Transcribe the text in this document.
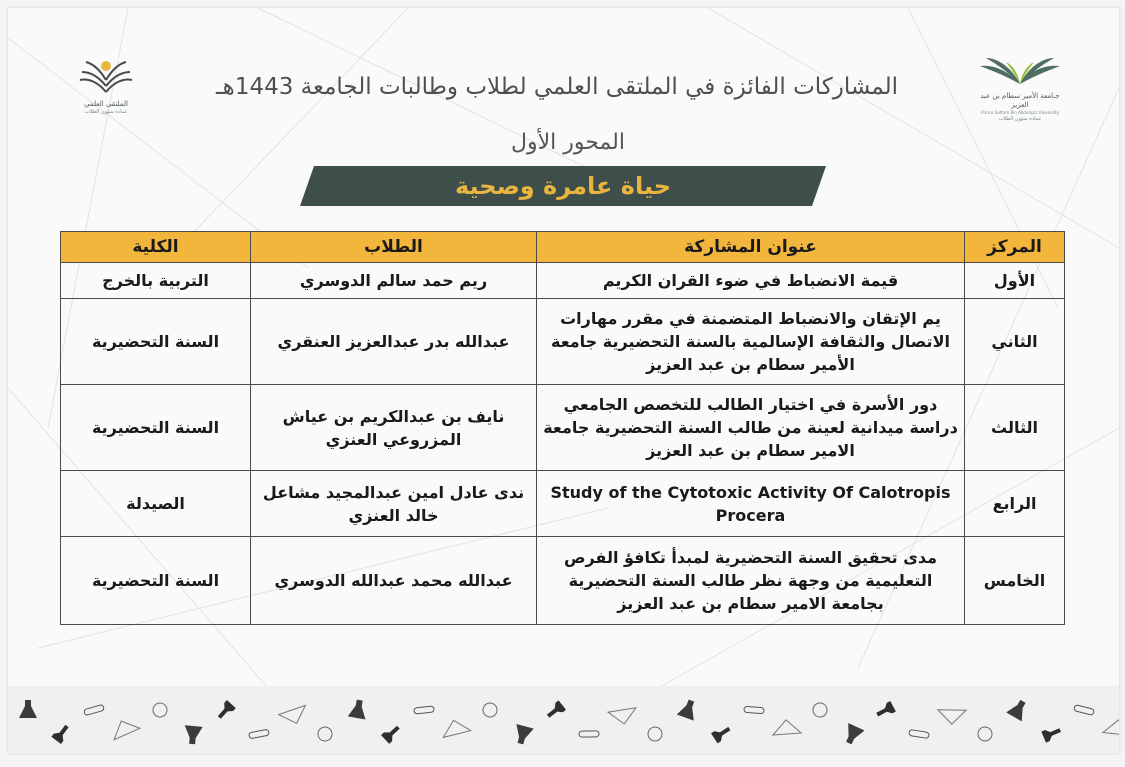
جـامعة الأمير سطام بن عبد العزيز
Prince Sattam Bin Abdulaziz University
عمادة شؤون الطلاب
الملتقى العلمي
عمادة شؤون الطلاب
المشاركات الفائزة في الملتقى العلمي لطلاب وطالبات الجامعة 1443هـ
المحور الأول
حياة عامرة وصحية
المركز	عنوان المشاركة	الطلاب	الكلية
الأول	قيمة الانضباط في ضوء القران الكريم	ريم حمد سالم الدوسري	التربية بالخرج
الثاني	يم الإتقان والانضباط المتضمنة في مقرر مهارات الاتصال والثقافة الإسالمية بالسنة التحضيرية جامعة الأمير سطام بن عبد العزيز	عبدالله بدر عبدالعزيز العنقري	السنة التحضيرية
الثالث	دور الأسرة في اختيار الطالب للتخصص الجامعي دراسة ميدانية لعينة من طالب السنة التحضيرية جامعة الامير سطام بن عبد العزيز	نايف بن عبدالكريم بن عياش المزروعي العنزي	السنة التحضيرية
الرابع	Study of the Cytotoxic Activity Of Calotropis Procera	ندى عادل امين عبدالمجيد مشاعل خالد العنزي	الصيدلة
الخامس	مدى تحقيق السنة التحضيرية لمبدأ تكافؤ الفرص التعليمية من وجهة نظر طالب السنة التحضيرية بجامعة الامير سطام بن عبد العزيز	عبدالله محمد عبدالله الدوسري	السنة التحضيرية
